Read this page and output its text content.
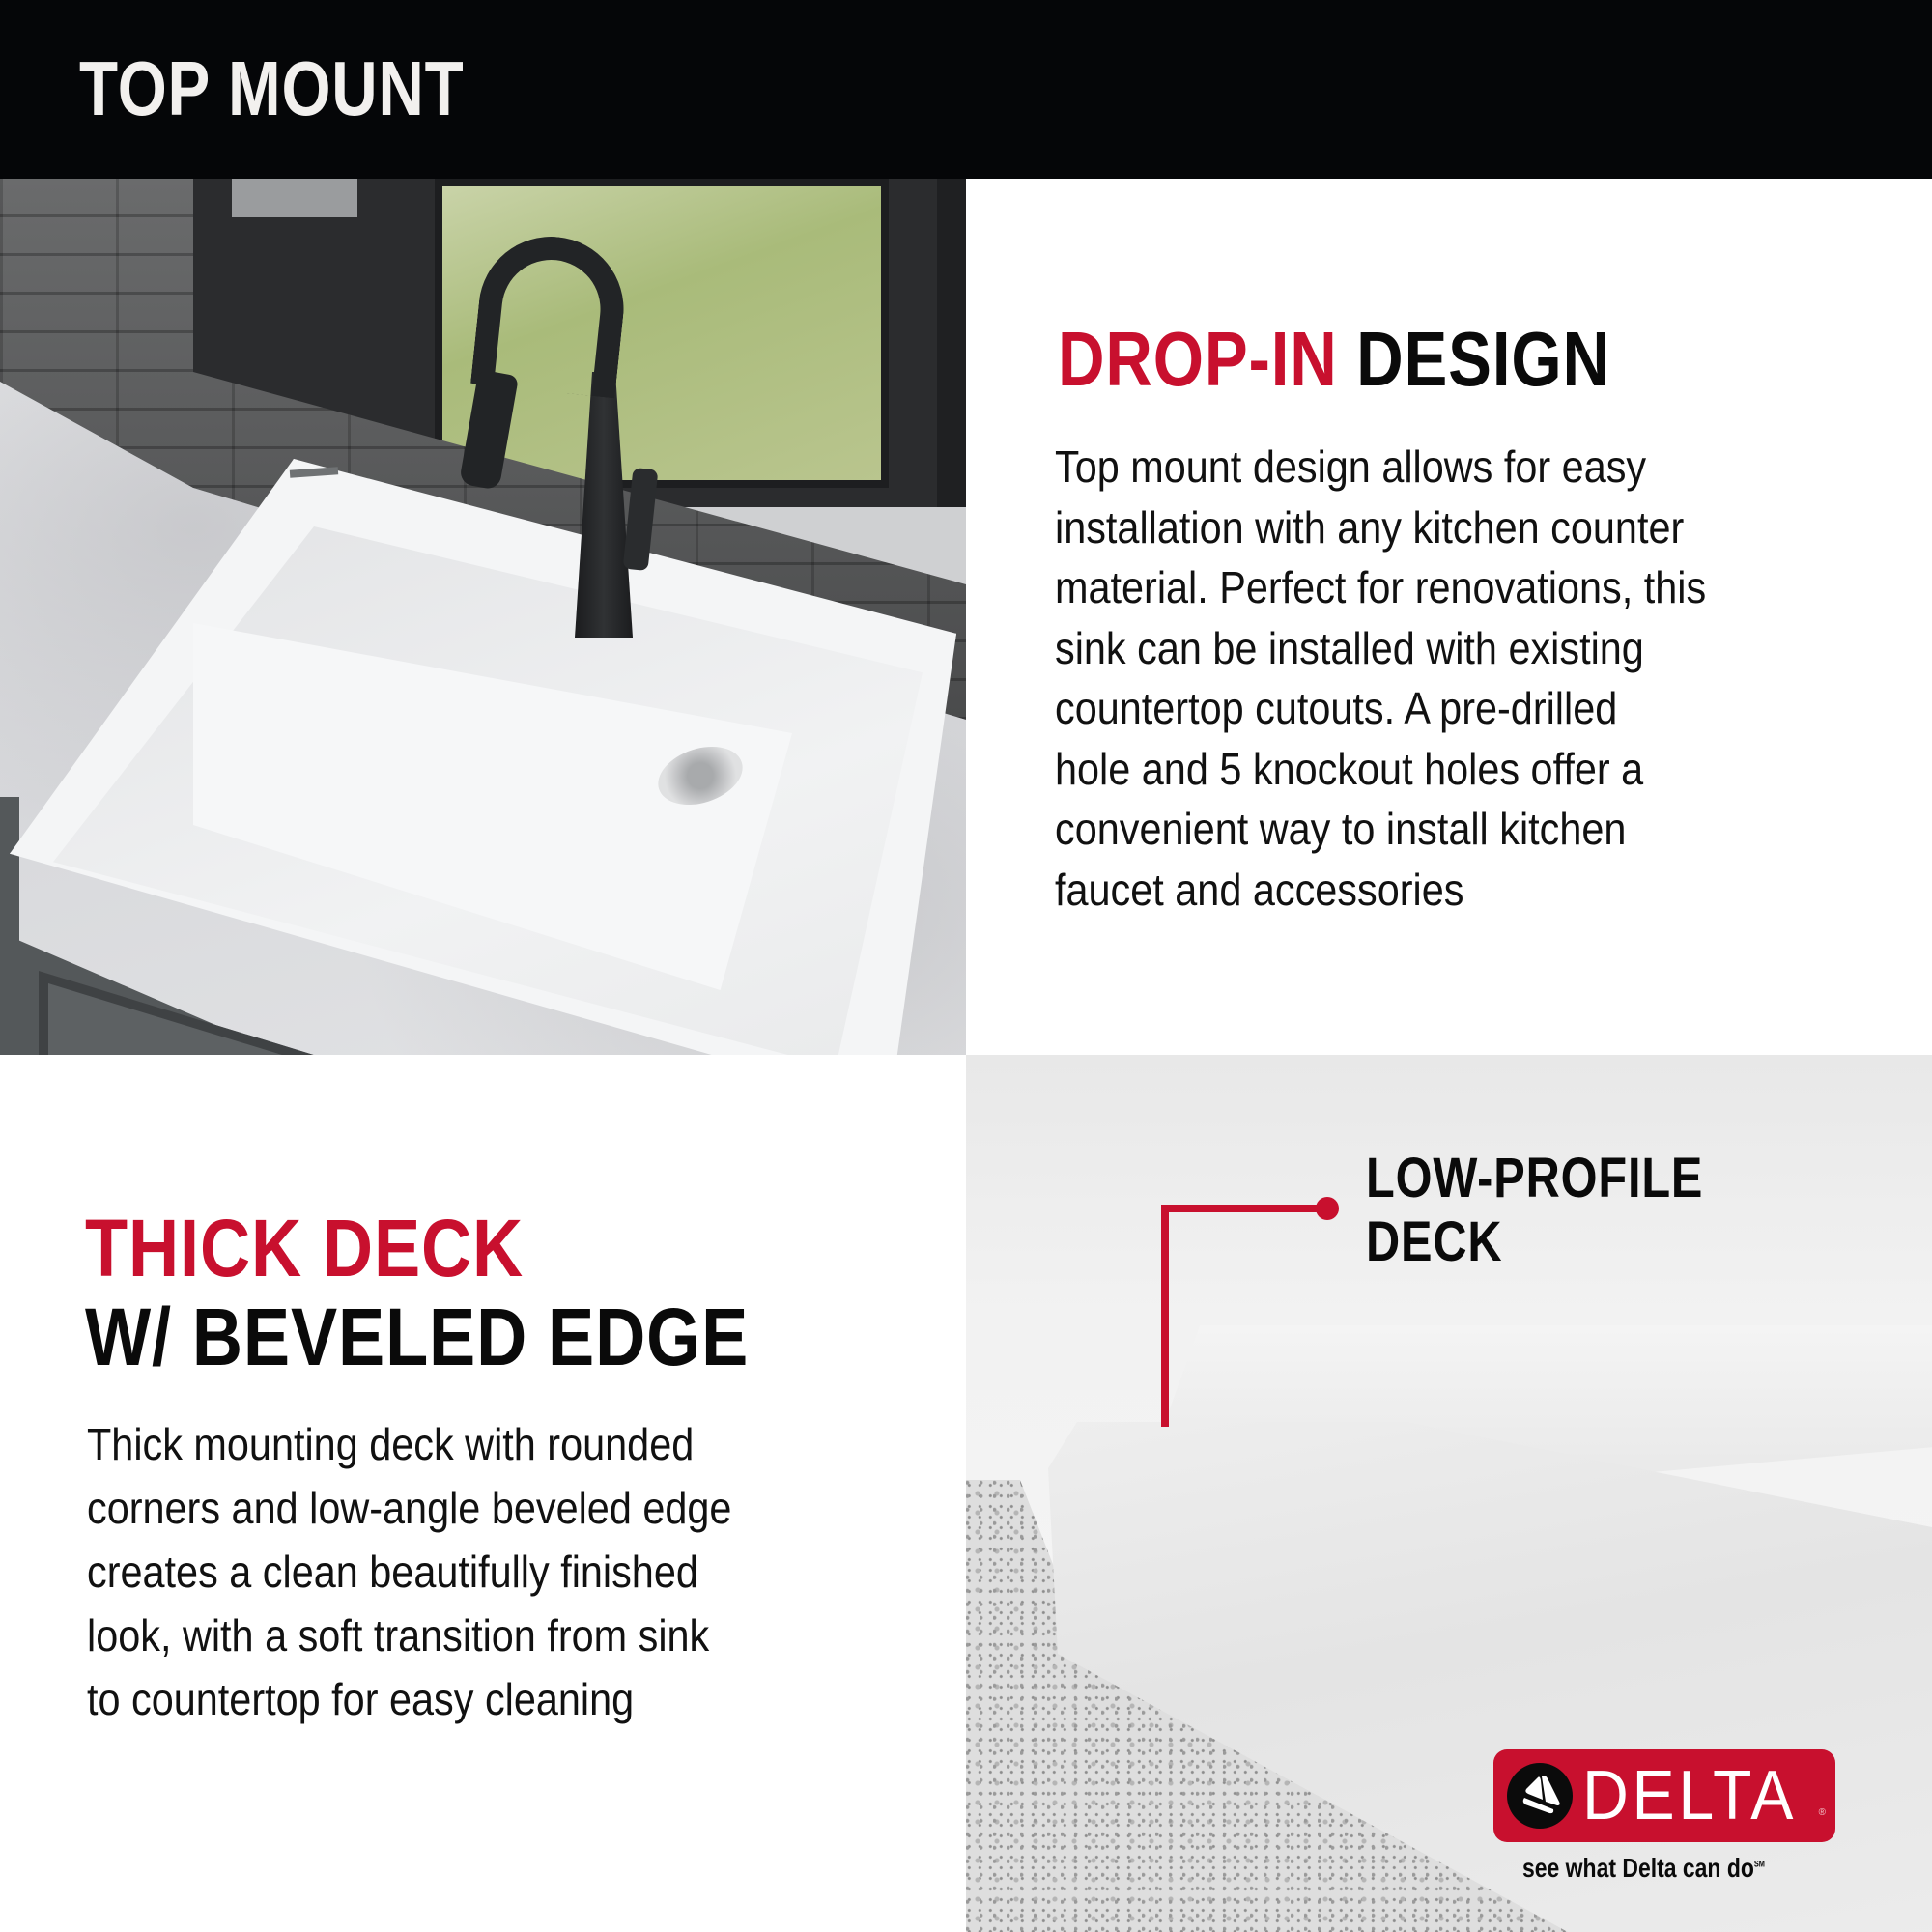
TOP MOUNT
DROP-IN DESIGN
Top mount design allows for easy
installation with any kitchen counter
material. Perfect for renovations, this
sink can be installed with existing
countertop cutouts. A pre-drilled
hole and 5 knockout holes offer a
convenient way to install kitchen
faucet and accessories
THICK DECK
W/ BEVELED EDGE
Thick mounting deck with rounded
corners and low-angle beveled edge
creates a clean beautifully finished
look, with a soft transition from sink
to countertop for easy cleaning
LOW-PROFILE
DECK
DELTA ®
see what Delta can do℠
